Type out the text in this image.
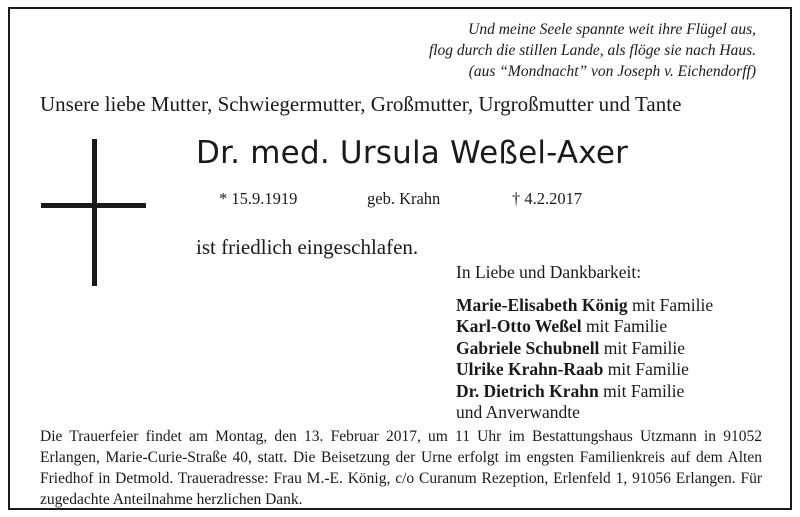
Und meine Seele spannte weit ihre Flügel aus,
flog durch die stillen Lande, als flöge sie nach Haus.
(aus “Mondnacht” von Joseph v. Eichendorff)
Unsere liebe Mutter, Schwiegermutter, Großmutter, Urgroßmutter und Tante
Dr. med. Ursula Weßel-Axer
* 15.9.1919	geb. Krahn	† 4.2.2017
ist friedlich eingeschlafen.
In Liebe und Dankbarkeit:
Marie-Elisabeth König mit Familie
Karl-Otto Weßel mit Familie
Gabriele Schubnell mit Familie
Ulrike Krahn-Raab mit Familie
Dr. Dietrich Krahn mit Familie
und Anverwandte
Die Trauerfeier findet am Montag, den 13. Februar 2017, um 11 Uhr im Bestattungshaus Utzmann in 91052 Erlangen, Marie-Curie-Straße 40, statt. Die Beisetzung der Urne erfolgt im engsten Familienkreis auf dem Alten Friedhof in Detmold. Traueradresse: Frau M.-E. König, c/o Curanum Rezeption, Erlenfeld 1, 91056 Erlangen. Für zugedachte Anteilnahme herzlichen Dank.
